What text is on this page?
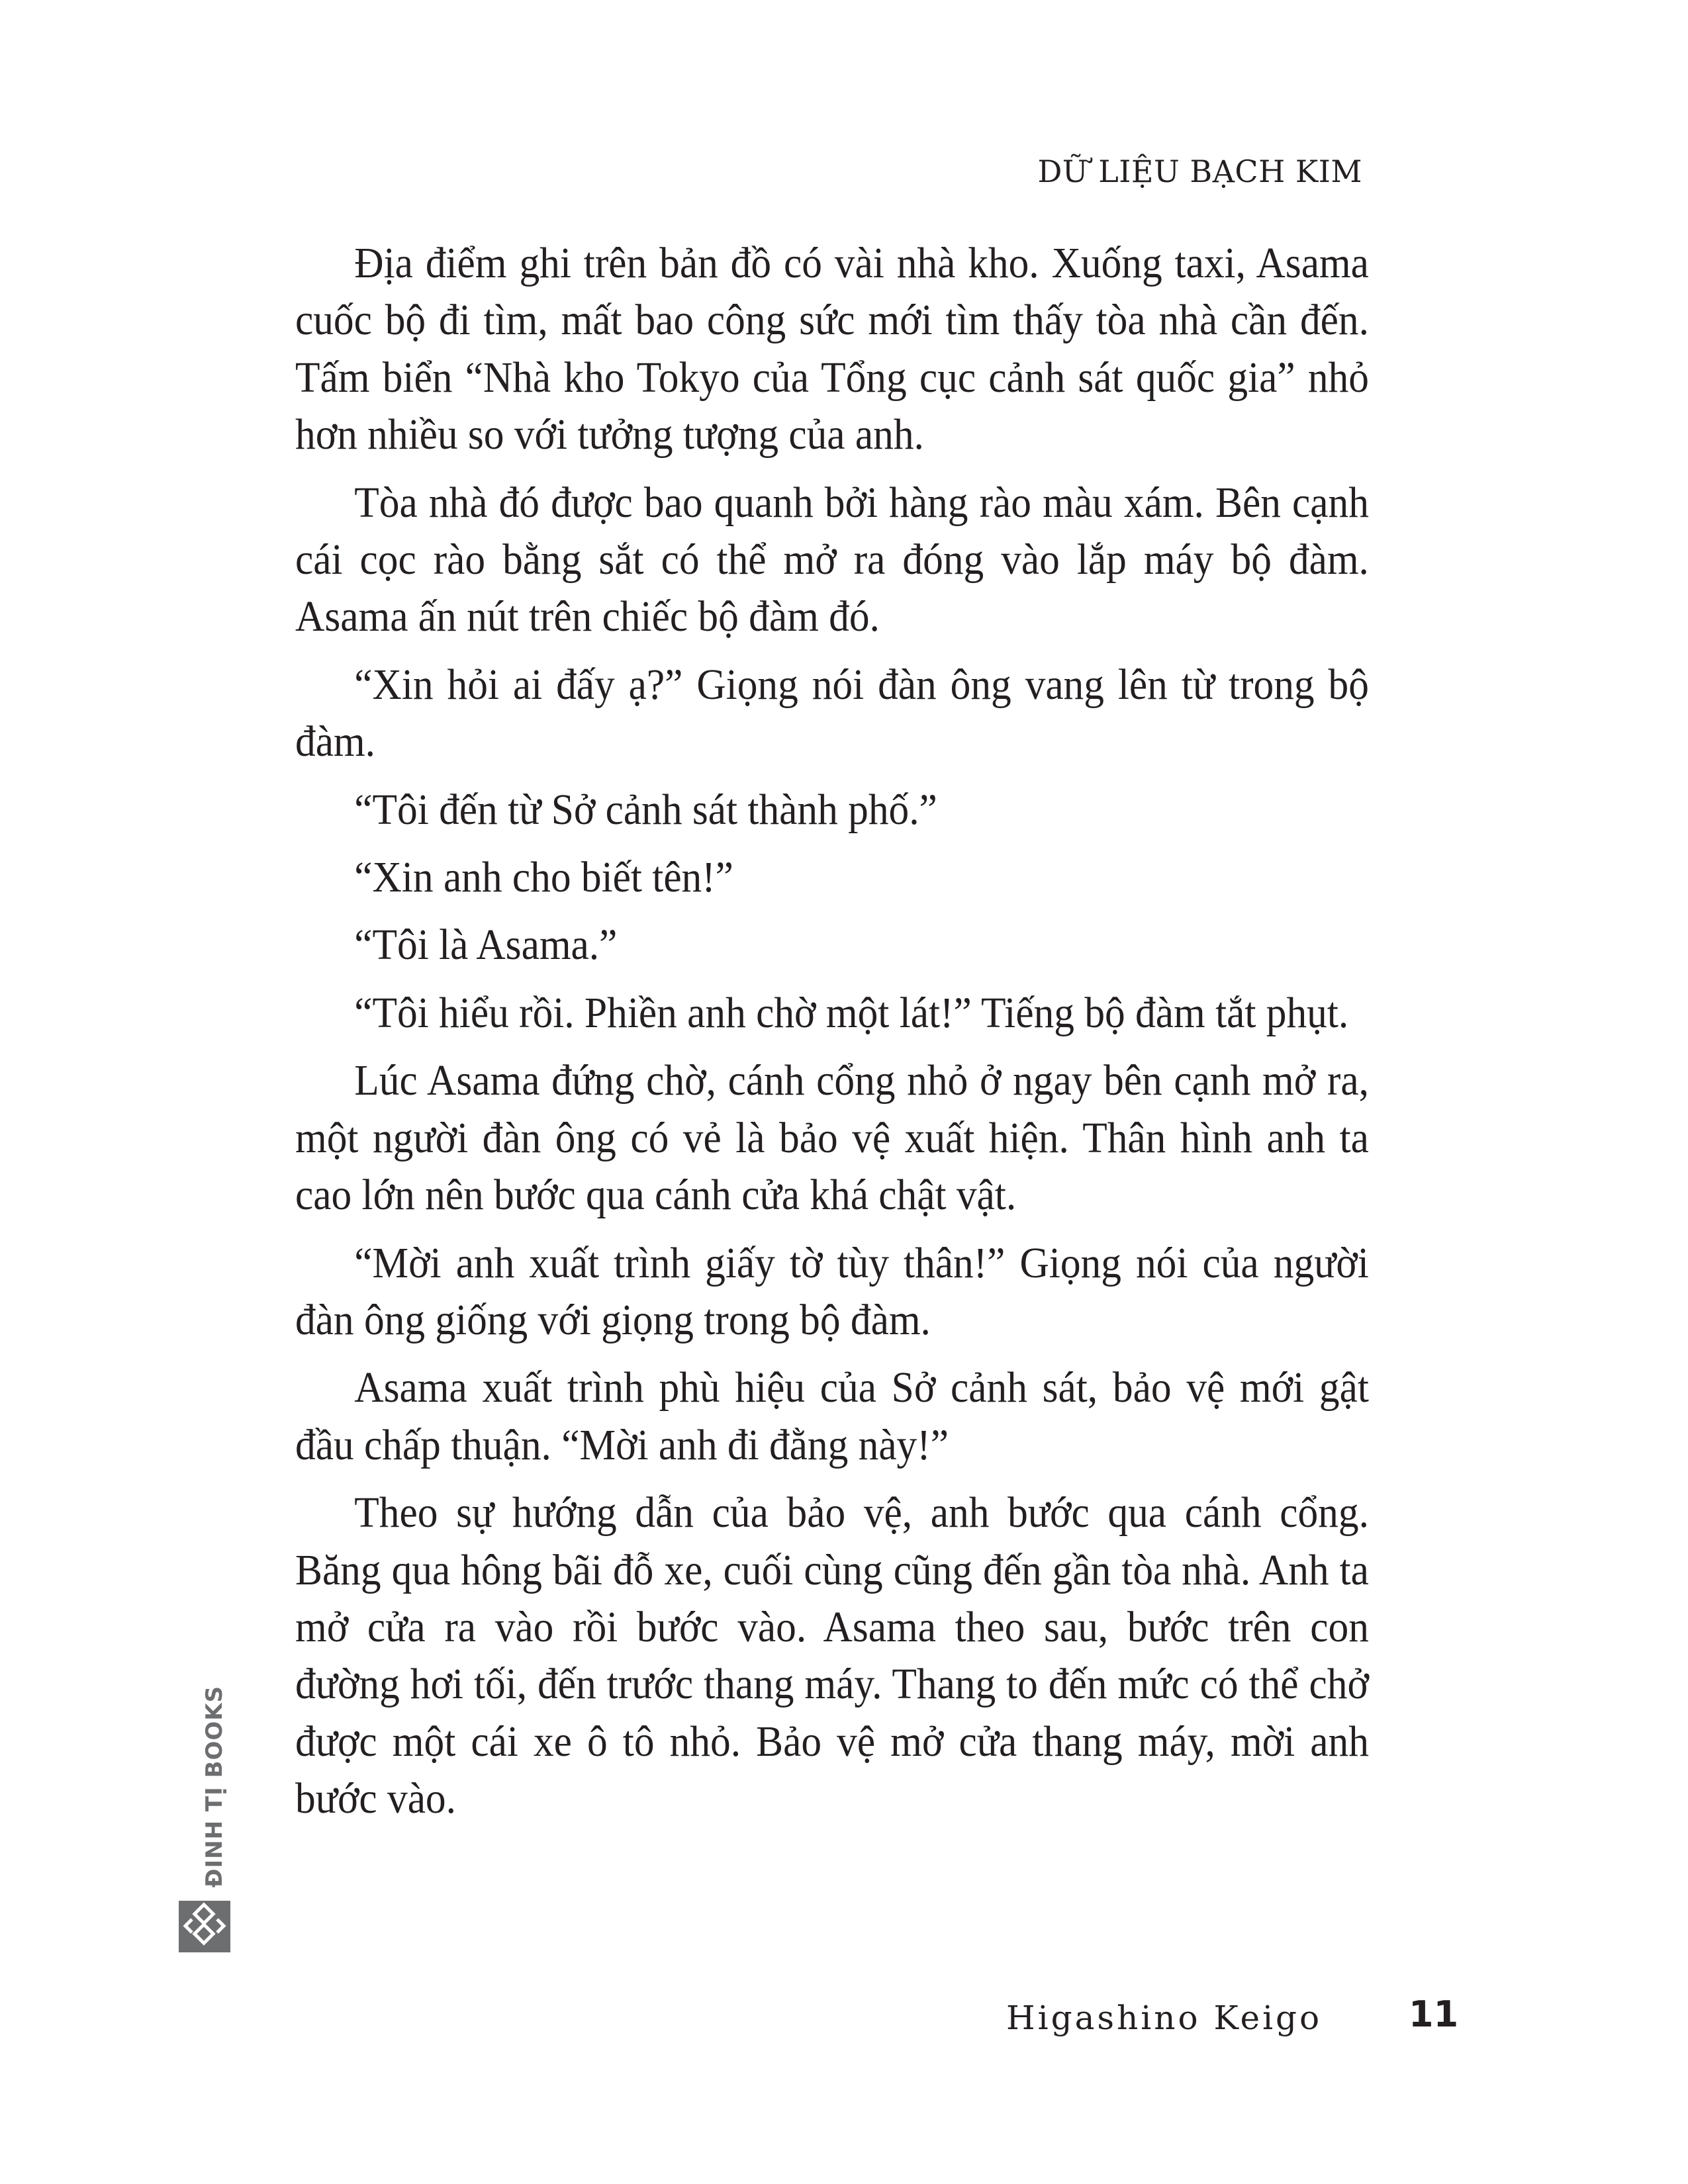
DỮ LIỆU BẠCH KIM

Địa điểm ghi trên bản đồ có vài nhà kho. Xuống taxi, Asama cuốc bộ đi tìm, mất bao công sức mới tìm thấy tòa nhà cần đến. Tấm biển “Nhà kho Tokyo của Tổng cục cảnh sát quốc gia” nhỏ hơn nhiều so với tưởng tượng của anh.

Tòa nhà đó được bao quanh bởi hàng rào màu xám. Bên cạnh cái cọc rào bằng sắt có thể mở ra đóng vào lắp máy bộ đàm. Asama ấn nút trên chiếc bộ đàm đó.

“Xin hỏi ai đấy ạ?” Giọng nói đàn ông vang lên từ trong bộ đàm.

“Tôi đến từ Sở cảnh sát thành phố.”

“Xin anh cho biết tên!”

“Tôi là Asama.”

“Tôi hiểu rồi. Phiền anh chờ một lát!” Tiếng bộ đàm tắt phụt.

Lúc Asama đứng chờ, cánh cổng nhỏ ở ngay bên cạnh mở ra, một người đàn ông có vẻ là bảo vệ xuất hiện. Thân hình anh ta cao lớn nên bước qua cánh cửa khá chật vật.

“Mời anh xuất trình giấy tờ tùy thân!” Giọng nói của người đàn ông giống với giọng trong bộ đàm.

Asama xuất trình phù hiệu của Sở cảnh sát, bảo vệ mới gật đầu chấp thuận. “Mời anh đi đằng này!”

Theo sự hướng dẫn của bảo vệ, anh bước qua cánh cổng. Băng qua hông bãi đỗ xe, cuối cùng cũng đến gần tòa nhà. Anh ta mở cửa ra vào rồi bước vào. Asama theo sau, bước trên con đường hơi tối, đến trước thang máy. Thang to đến mức có thể chở được một cái xe ô tô nhỏ. Bảo vệ mở cửa thang máy, mời anh bước vào.

ĐINH TỊ BOOKS
Higashino Keigo 11
